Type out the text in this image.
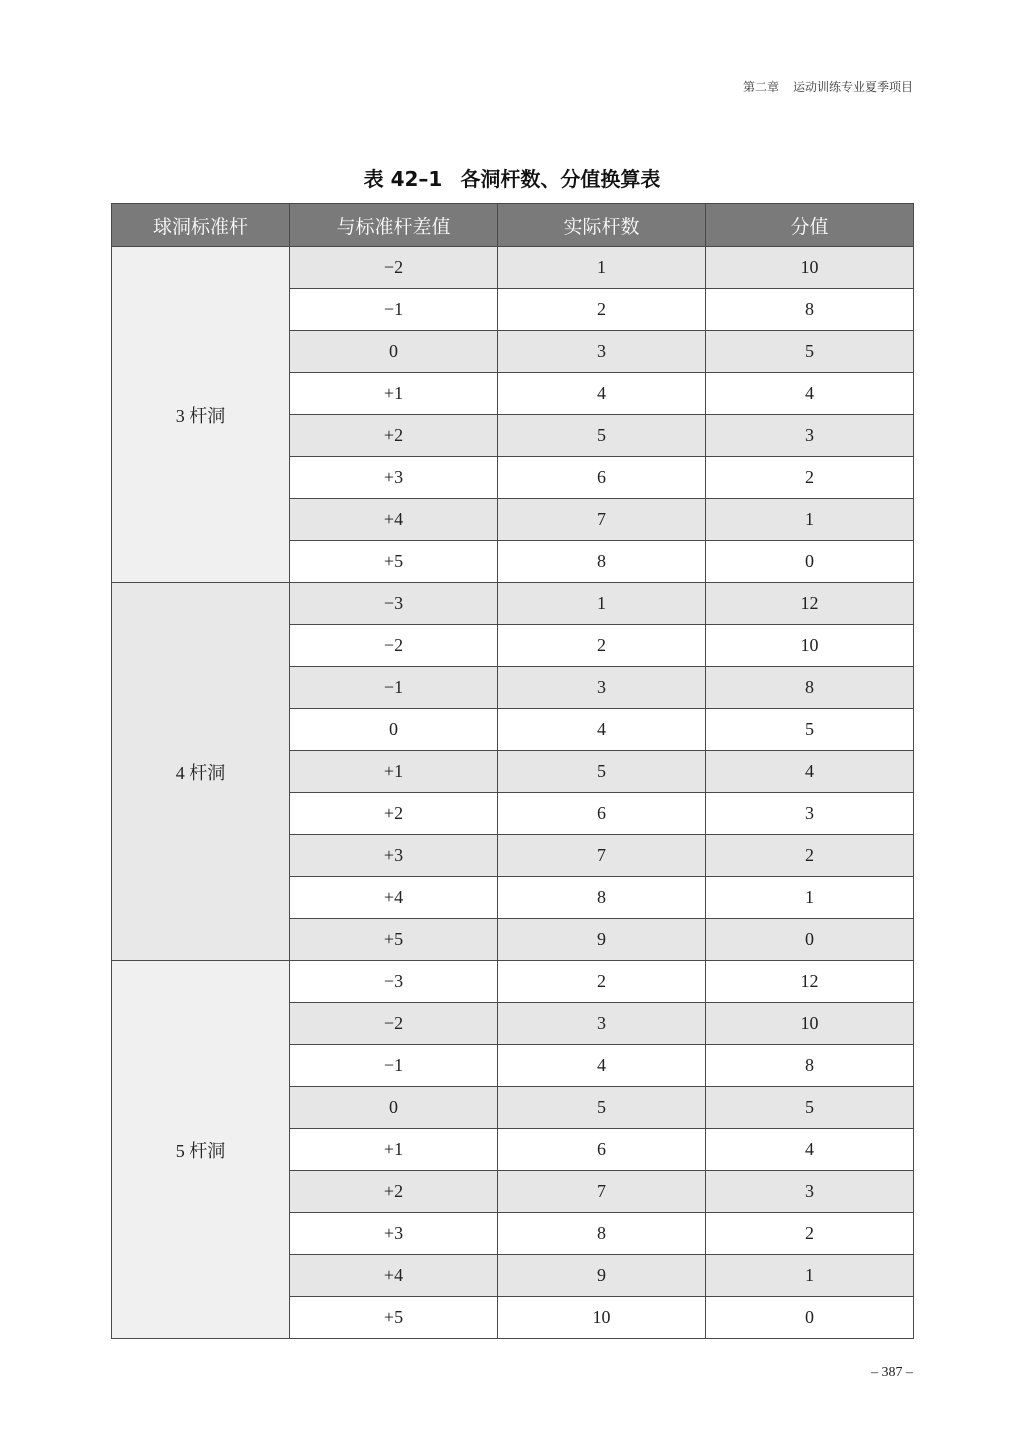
第二章 运动训练专业夏季项目
表 42–1 各洞杆数、分值换算表
球洞标准杆	与标准杆差值	实际杆数	分值
3 杆洞	−2	1	10
	−1	2	8
	0	3	5
	+1	4	4
	+2	5	3
	+3	6	2
	+4	7	1
	+5	8	0
4 杆洞	−3	1	12
	−2	2	10
	−1	3	8
	0	4	5
	+1	5	4
	+2	6	3
	+3	7	2
	+4	8	1
	+5	9	0
5 杆洞	−3	2	12
	−2	3	10
	−1	4	8
	0	5	5
	+1	6	4
	+2	7	3
	+3	8	2
	+4	9	1
	+5	10	0
– 387 –
